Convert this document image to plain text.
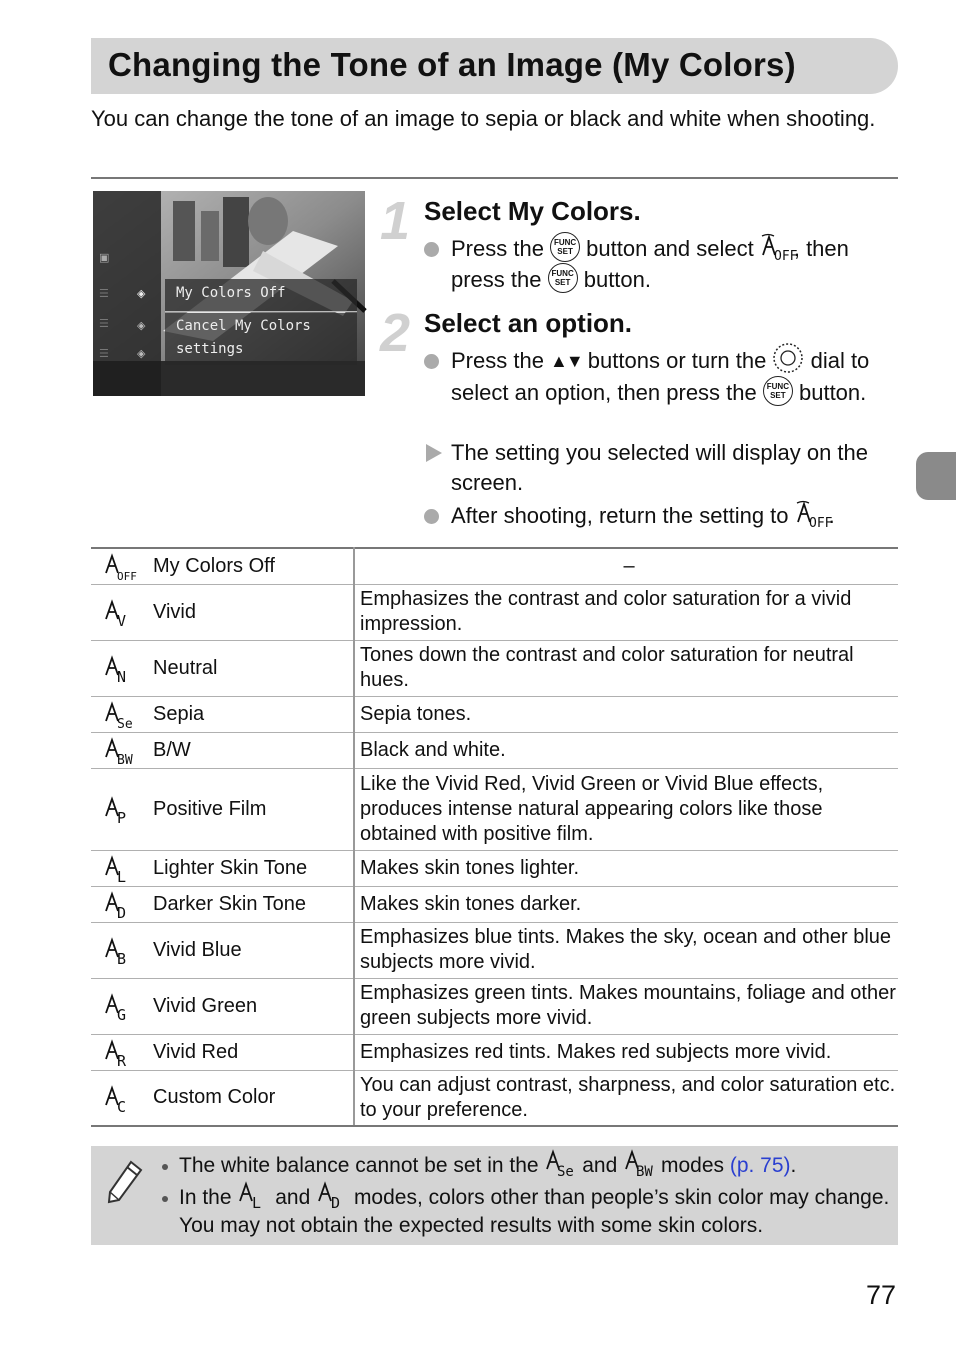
Changing the Tone of an Image (My Colors)
You can change the tone of an image to sepia or black and white when shooting.
▣
☰
☰
☰
◈
◈
◈
My Colors Off
Cancel My Colors
settings
1 Select My Colors.
Press the FUNC
SET button and select OFF
, then press the FUNC
SET button.
2 Select an option.
Press the ▲▼ buttons or turn the  dial to select an option, then press the FUNC
SET button.
The setting you selected will display on the screen.
After shooting, return the setting to OFF
.
OFF	My Colors Off	–

V	Vivid	Emphasizes the contrast and color saturation for a vivid impression.

N	Neutral	Tones down the contrast and color saturation for neutral hues.

Se	Sepia	Sepia tones.

BW	B/W	Black and white.

P	Positive Film	Like the Vivid Red, Vivid Green or Vivid Blue effects, produces intense natural appearing colors like those obtained with positive film.

L	Lighter Skin Tone	Makes skin tones lighter.

D	Darker Skin Tone	Makes skin tones darker.

B	Vivid Blue	Emphasizes blue tints. Makes the sky, ocean and other blue subjects more vivid.

G	Vivid Green	Emphasizes green tints. Makes mountains, foliage and other green subjects more vivid.

R	Vivid Red	Emphasizes red tints. Makes red subjects more vivid.

C	Custom Color	You can adjust contrast, sharpness, and color saturation etc. to your preference.
The white balance cannot be set in the Se and BW modes (p. 75).
In the L and D modes, colors other than people’s skin color may change. You may not obtain the expected results with some skin colors.
77
